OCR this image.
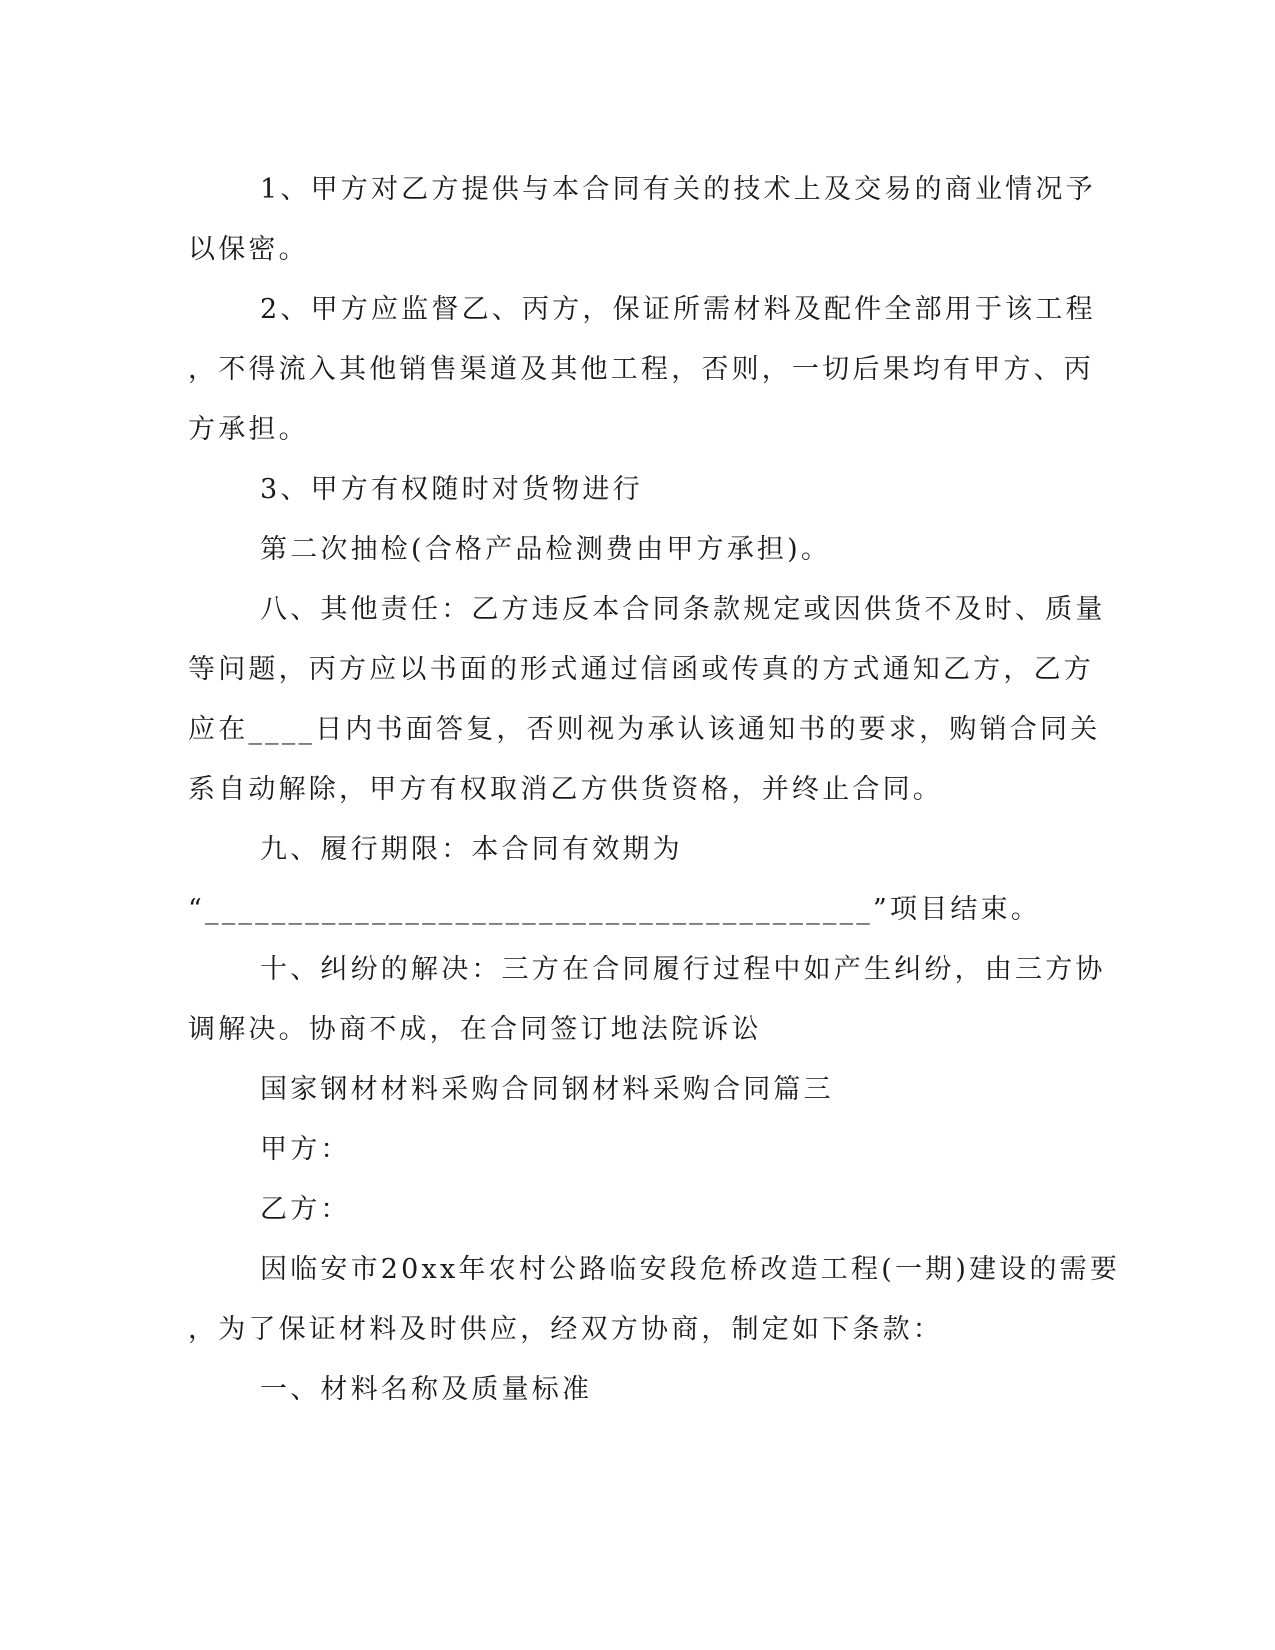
1、甲方对乙方提供与本合同有关的技术上及交易的商业情况予
以保密。
2、甲方应监督乙、丙方，保证所需材料及配件全部用于该工程
，不得流入其他销售渠道及其他工程，否则，一切后果均有甲方、丙
方承担。
3、甲方有权随时对货物进行
第二次抽检(合格产品检测费由甲方承担)。
八、其他责任：乙方违反本合同条款规定或因供货不及时、质量
等问题，丙方应以书面的形式通过信函或传真的方式通知乙方，乙方
应在____日内书面答复，否则视为承认该通知书的要求，购销合同关
系自动解除，甲方有权取消乙方供货资格，并终止合同。
九、履行期限：本合同有效期为
“________________________________________”项目结束。
十、纠纷的解决：三方在合同履行过程中如产生纠纷，由三方协
调解决。协商不成，在合同签订地法院诉讼
国家钢材材料采购合同钢材料采购合同篇三
甲方：
乙方：
因临安市20xx年农村公路临安段危桥改造工程(一期)建设的需要
，为了保证材料及时供应，经双方协商，制定如下条款：
一、材料名称及质量标准
